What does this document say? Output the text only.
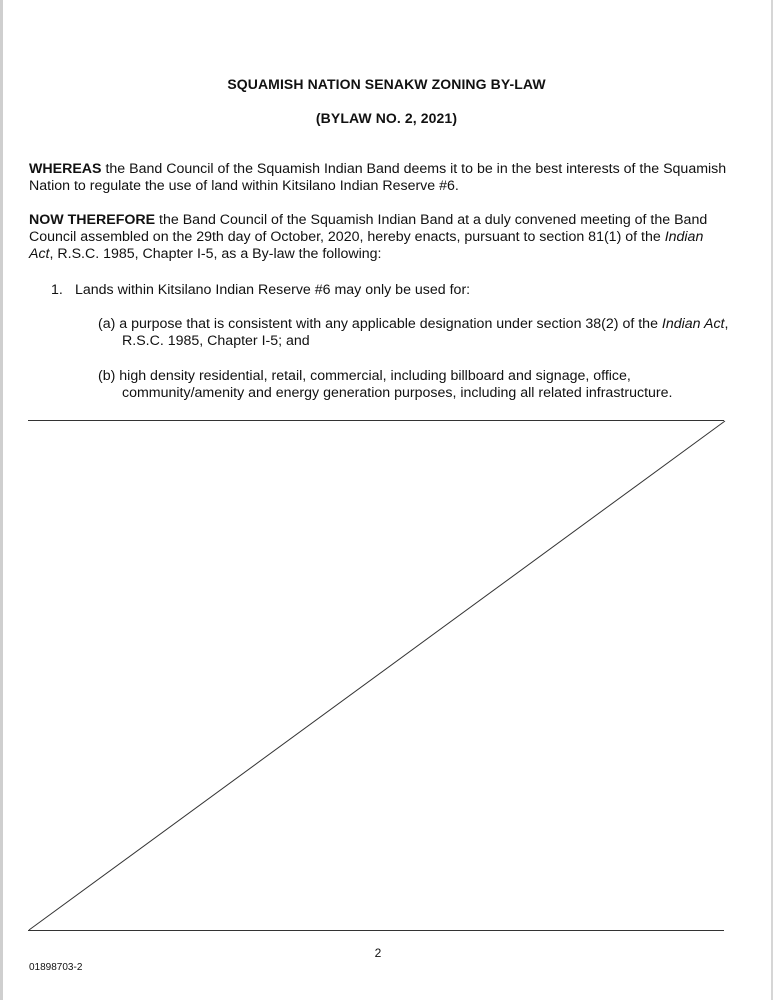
SQUAMISH NATION SENAKW ZONING BY-LAW
(BYLAW NO. 2, 2021)
WHEREAS the Band Council of the Squamish Indian Band deems it to be in the best interests of the Squamish Nation to regulate the use of land within Kitsilano Indian Reserve #6.
NOW THEREFORE the Band Council of the Squamish Indian Band at a duly convened meeting of the Band Council assembled on the 29th day of October, 2020, hereby enacts, pursuant to section 81(1) of the Indian Act, R.S.C. 1985, Chapter I-5, as a By-law the following:
1. Lands within Kitsilano Indian Reserve #6 may only be used for:
(a) a purpose that is consistent with any applicable designation under section 38(2) of the Indian Act, R.S.C. 1985, Chapter I-5; and
(b) high density residential, retail, commercial, including billboard and signage, office, community/amenity and energy generation purposes, including all related infrastructure.
2
01898703-2
